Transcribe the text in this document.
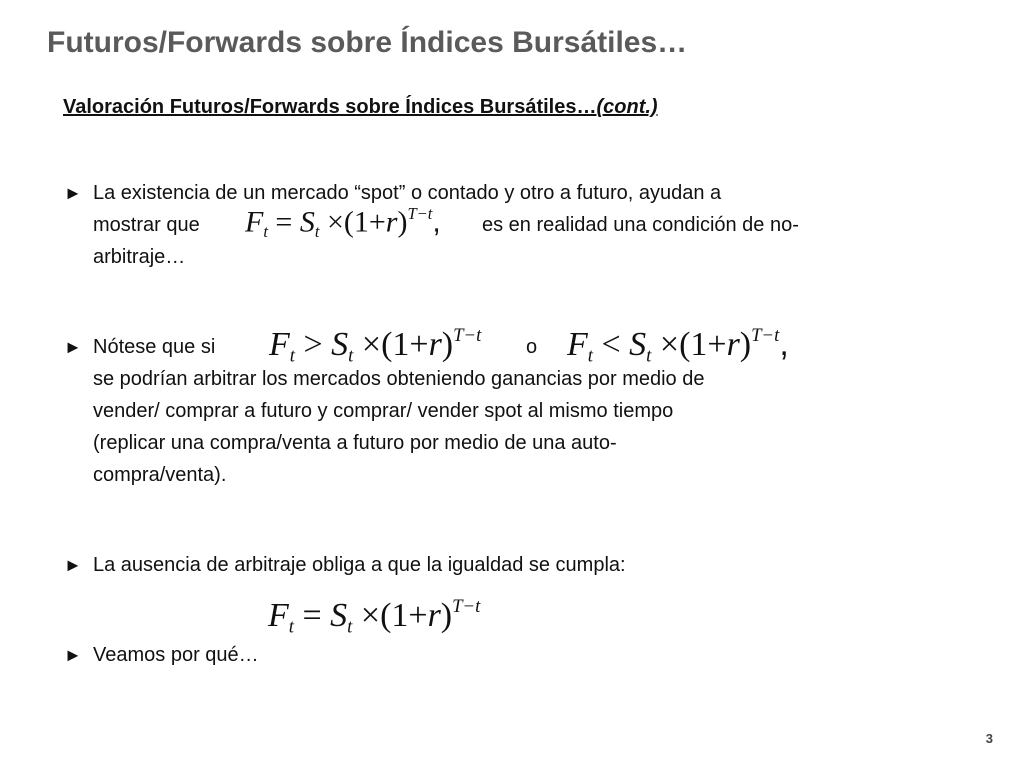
Futuros/Forwards sobre Índices Bursátiles…
Valoración Futuros/Forwards sobre Índices Bursátiles…(cont.)
► La existencia de un mercado “spot” o contado y otro a futuro, ayudan a
mostrar que $F_t = S_t \times(1+r)^{T-t}$, es en realidad una condición de no-
arbitraje…
► Nótese que si $F_t > S_t \times(1+r)^{T-t}$
o $F_t < S_t \times(1+r)^{T-t}$,
se podrían arbitrar los mercados obteniendo ganancias por medio de
vender/ comprar a futuro y comprar/ vender spot al mismo tiempo
(replicar una compra/venta a futuro por medio de una auto-
compra/venta).
► La ausencia de arbitraje obliga a que la igualdad se cumpla:
$F_t = S_t \times(1+r)^{T-t}$
► Veamos por qué…
3
